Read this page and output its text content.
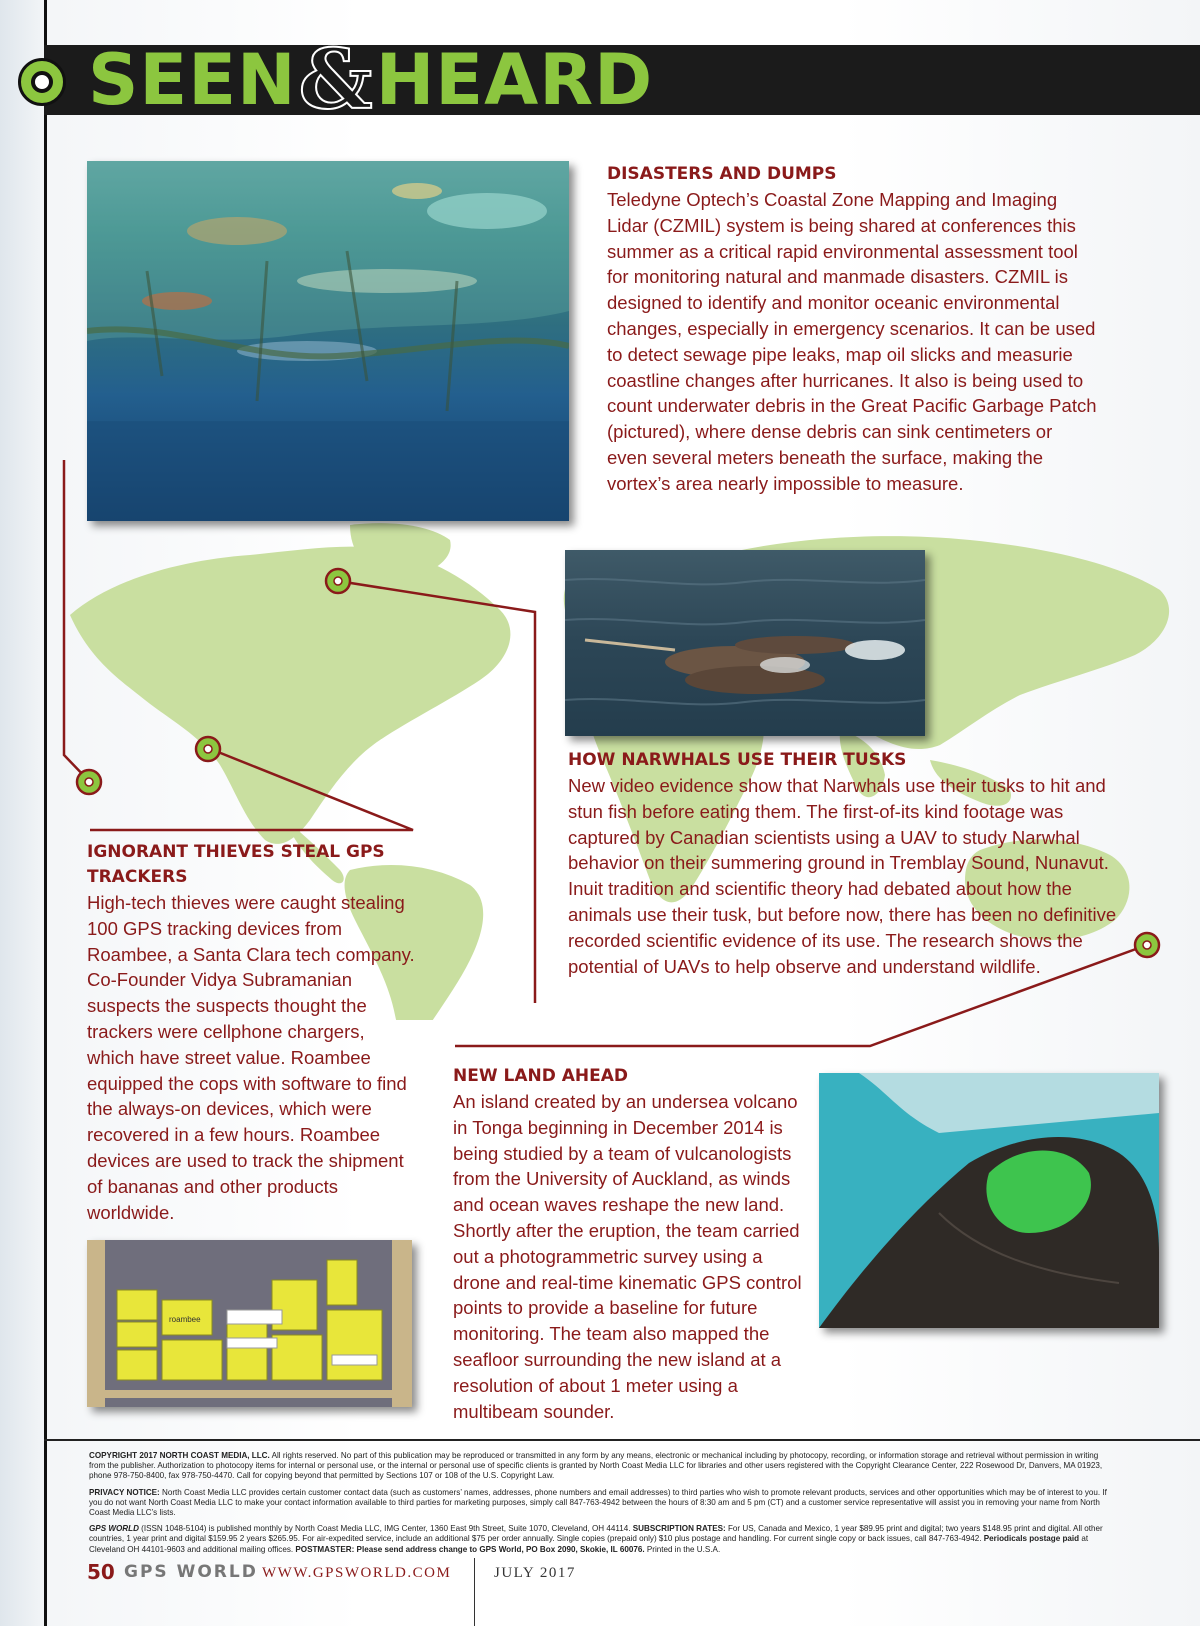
roambee
SEEN & HEARD

DISASTERS AND DUMPS

Teledyne Optech’s Coastal Zone Mapping and Imaging Lidar (CZMIL) system is being shared at conferences this summer as a critical rapid environmental assessment tool for monitoring natural and manmade disasters. CZMIL is designed to identify and monitor oceanic environmental changes, especially in emergency scenarios. It can be used to detect sewage pipe leaks, map oil slicks and measurie coastline changes after hurricanes. It also is being used to count underwater debris in the Great Pacific Garbage Patch (pictured), where dense debris can sink centimeters or even several meters beneath the surface, making the vortex’s area nearly impossible to measure.

HOW NARWHALS USE THEIR TUSKS

New video evidence show that Narwhals use their tusks to hit and stun fish before eating them. The first-of-its kind footage was captured by Canadian scientists using a UAV to study Narwhal behavior on their summering ground in Tremblay Sound, Nunavut. Inuit tradition and scientific theory had debated about how the animals use their tusk, but before now, there has been no definitive recorded scientific evidence of its use. The research shows the potential of UAVs to help observe and understand wildlife.

IGNORANT THIEVES STEAL GPS TRACKERS

High-tech thieves were caught stealing 100 GPS tracking devices from Roambee, a Santa Clara tech company. Co-Founder Vidya Subramanian suspects the suspects thought the trackers were cellphone chargers, which have street value. Roambee equipped the cops with software to find the always-on devices, which were recovered in a few hours. Roambee devices are used to track the shipment of bananas and other products worldwide.

NEW LAND AHEAD

An island created by an undersea volcano in Tonga beginning in December 2014 is being studied by a team of vulcanologists from the University of Auckland, as winds and ocean waves reshape the new land. Shortly after the eruption, the team carried out a photogrammetric survey using a drone and real-time kinematic GPS control points to provide a baseline for future monitoring. The team also mapped the seafloor surrounding the new island at a resolution of about 1 meter using a multibeam sounder.

COPYRIGHT 2017 NORTH COAST MEDIA, LLC. All rights reserved. No part of this publication may be reproduced or transmitted in any form by any means, electronic or mechanical including by photocopy, recording, or information storage and retrieval without permission in writing from the publisher. Authorization to photocopy items for internal or personal use, or the internal or personal use of specific clients is granted by North Coast Media LLC for libraries and other users registered with the Copyright Clearance Center, 222 Rosewood Dr, Danvers, MA 01923, phone 978-750-8400, fax 978-750-4470. Call for copying beyond that permitted by Sections 107 or 108 of the U.S. Copyright Law.

PRIVACY NOTICE: North Coast Media LLC provides certain customer contact data (such as customers’ names, addresses, phone numbers and email addresses) to third parties who wish to promote relevant products, services and other opportunities which may be of interest to you. If you do not want North Coast Media LLC to make your contact information available to third parties for marketing purposes, simply call 847-763-4942 between the hours of 8:30 am and 5 pm (CT) and a customer service representative will assist you in removing your name from North Coast Media LLC’s lists.

GPS WORLD (ISSN 1048-5104) is published monthly by North Coast Media LLC, IMG Center, 1360 East 9th Street, Suite 1070, Cleveland, OH 44114. SUBSCRIPTION RATES: For US, Canada and Mexico, 1 year $89.95 print and digital; two years $148.95 print and digital. All other countries, 1 year print and digital $159.95 2 years $265.95. For air-expedited service, include an additional $75 per order annually. Single copies (prepaid only) $10 plus postage and handling. For current single copy or back issues, call 847-763-4942. Periodicals postage paid at Cleveland OH 44101-9603 and additional mailing offices. POSTMASTER: Please send address change to GPS World, PO Box 2090, Skokie, IL 60076. Printed in the U.S.A.

50 GPS WORLD WWW.GPSWORLD.COM	JULY 2017
